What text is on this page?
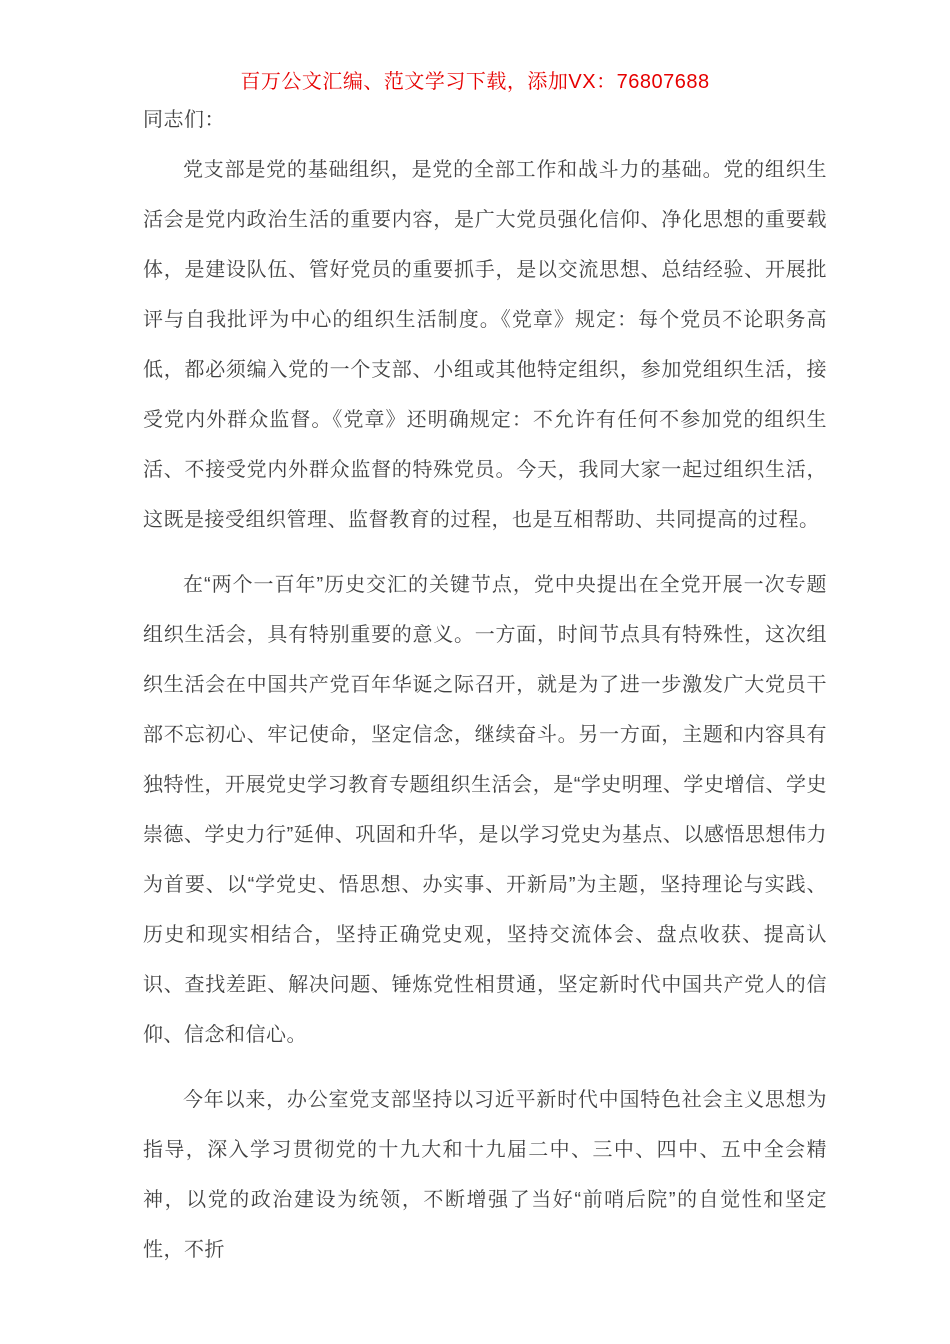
百万公文汇编、范文学习下载，添加VX：76807688

同志们：

党支部是党的基础组织，是党的全部工作和战斗力的基础。党的组织生活会是党内政治生活的重要内容，是广大党员强化信仰、净化思想的重要载体，是建设队伍、管好党员的重要抓手，是以交流思想、总结经验、开展批评与自我批评为中心的组织生活制度。《党章》规定：每个党员不论职务高低，都必须编入党的一个支部、小组或其他特定组织，参加党组织生活，接受党内外群众监督。《党章》还明确规定：不允许有任何不参加党的组织生活、不接受党内外群众监督的特殊党员。今天，我同大家一起过组织生活，这既是接受组织管理、监督教育的过程，也是互相帮助、共同提高的过程。

在“两个一百年”历史交汇的关键节点，党中央提出在全党开展一次专题组织生活会，具有特别重要的意义。一方面，时间节点具有特殊性，这次组织生活会在中国共产党百年华诞之际召开，就是为了进一步激发广大党员干部不忘初心、牢记使命，坚定信念，继续奋斗。另一方面，主题和内容具有独特性，开展党史学习教育专题组织生活会，是“学史明理、学史增信、学史崇德、学史力行”延伸、巩固和升华，是以学习党史为基点、以感悟思想伟力为首要、以“学党史、悟思想、办实事、开新局”为主题，坚持理论与实践、历史和现实相结合，坚持正确党史观，坚持交流体会、盘点收获、提高认识、查找差距、解决问题、锤炼党性相贯通，坚定新时代中国共产党人的信仰、信念和信心。

今年以来，办公室党支部坚持以习近平新时代中国特色社会主义思想为指导，深入学习贯彻党的十九大和十九届二中、三中、四中、五中全会精神，以党的政治建设为统领，不断增强了当好“前哨后院”的自觉性和坚定性，不折
